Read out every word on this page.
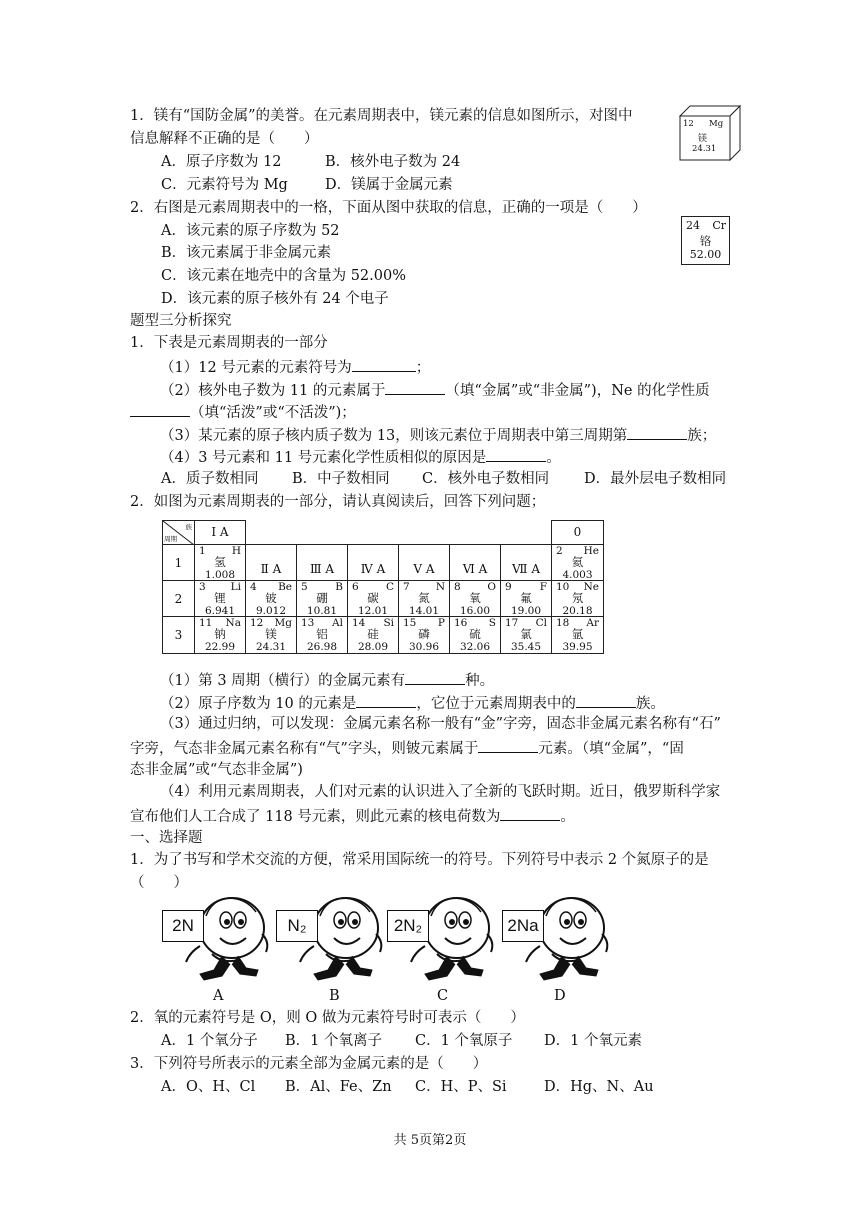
1．镁有“国防金属”的美誉。在元素周期表中，镁元素的信息如图所示，对图中
信息解释不正确的是（　　）
A．原子序数为 12	B．核外电子数为 24
C．元素符号为 Mg	D．镁属于金属元素
12 Mg
镁
24.31
2．右图是元素周期表中的一格，下面从图中获取的信息，正确的一项是（　　）
A．该元素的原子序数为 52
B．该元素属于非金属元素
C．该元素在地壳中的含量为 52.00%
D．该元素的原子核外有 24 个电子
24 Cr
铬
52.00
题型三分析探究
1．下表是元素周期表的一部分
（1）12 号元素的元素符号为	；
（2）核外电子数为 11 的元素属于	（填“金属”或“非金属”)，Ne 的化学性质
（填“活泼”或“不活泼”)；
（3）某元素的原子核内质子数为 13，则该元素位于周期表中第三周期第	族；
（4）3 号元素和 11 号元素化学性质相似的原因是	。
A．质子数相同 B．中子数相同 C．核外电子数相同 D．最外层电子数相同
2．如图为元素周期表的一部分，请认真阅读后，回答下列问题；
族
周期	Ⅰ A							0
1	1 H
氢
1.008	Ⅱ A	Ⅲ A	Ⅳ A	Ⅴ A	Ⅵ A	Ⅶ A	2 He
氦
4.003

2	3 Li
锂
6.941	4 Be
铍
9.012	5 B
硼
10.81	6 C
碳
12.01	7 N
氮
14.01	8 O
氧
16.00	9 F
氟
19.00	10 Ne
氖
20.18

3	11 Na
钠
22.99	12 Mg
镁
24.31	13 Al
铝
26.98	14 Si
硅
28.09	15 P
磷
30.96	16 S
硫
32.06	17 Cl
氯
35.45	18 Ar
氩
39.95
（1）第 3 周期（横行）的金属元素有	种。
（2）原子序数为 10 的元素是	，它位于元素周期表中的	族。
（3）通过归纳，可以发现：金属元素名称一般有“金”字旁，固态非金属元素名称有“石”
字旁，气态非金属元素名称有“气”字头，则铍元素属于	元素。（填“金属”，“固
态非金属”或“气态非金属”)
（4）利用元素周期表，人们对元素的认识进入了全新的飞跃时期。近日，俄罗斯科学家
宣布他们人工合成了 118 号元素，则此元素的核电荷数为	。
一、选择题
1．为了书写和学术交流的方便，常采用国际统一的符号。下列符号中表示 2 个氮原子的是
（　　）
2N	N₂	2N₂	2Na
A	B	C	D
2．氧的元素符号是 O，则 O 做为元素符号时可表示（　　）
A．1 个氧分子 B．1 个氧离子 C．1 个氧原子 D．1 个氧元素
3．下列符号所表示的元素全部为金属元素的是（　　）
A．O、H、Cl B．Al、Fe、Zn C．H、P、Si	D．Hg、N、Au
共 5页第2页
